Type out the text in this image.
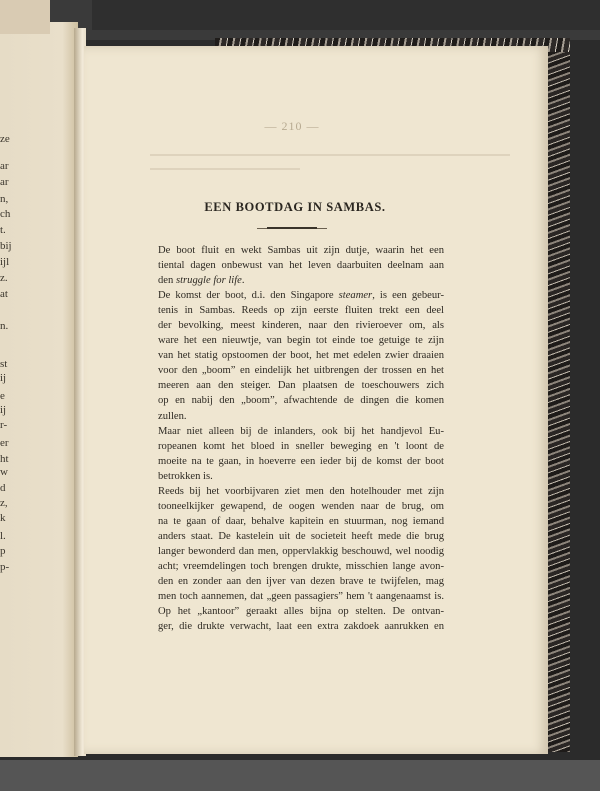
ze
ar
ar
n,
ch
t.
bij
ijl
z.
at
n.
st
ij
e
ij
r-
er
ht
w
d
z,
k
l.
p
p-
— 210 —
EEN BOOTDAG IN SAMBAS.
De boot fluit en wekt Sambas uit zijn dutje, waarin het een
tiental dagen onbewust van het leven daarbuiten deelnam aan
den struggle for life.
De komst der boot, d.i. den Singapore steamer, is een gebeur-
tenis in Sambas. Reeds op zijn eerste fluiten trekt een deel
der bevolking, meest kinderen, naar den rivieroever om, als
ware het een nieuwtje, van begin tot einde toe getuige te zijn
van het statig opstoomen der boot, het met edelen zwier draaien
voor den „boom” en eindelijk het uitbrengen der trossen en het
meeren aan den steiger. Dan plaatsen de toeschouwers zich
op en nabij den „boom”, afwachtende de dingen die komen
zullen.
Maar niet alleen bij de inlanders, ook bij het handjevol Eu-
ropeanen komt het bloed in sneller beweging en 't loont de
moeite na te gaan, in hoeverre een ieder bij de komst der boot
betrokken is.
Reeds bij het voorbijvaren ziet men den hotelhouder met zijn
tooneelkijker gewapend, de oogen wenden naar de brug, om
na te gaan of daar, behalve kapitein en stuurman, nog iemand
anders staat. De kastelein uit de societeit heeft mede die brug
langer bewonderd dan men, oppervlakkig beschouwd, wel noodig
acht; vreemdelingen toch brengen drukte, misschien lange avon-
den en zonder aan den ijver van dezen brave te twijfelen, mag
men toch aannemen, dat „geen passagiers” hem 't aangenaamst is.
Op het „kantoor” geraakt alles bijna op stelten. De ontvan-
ger, die drukte verwacht, laat een extra zakdoek aanrukken en
